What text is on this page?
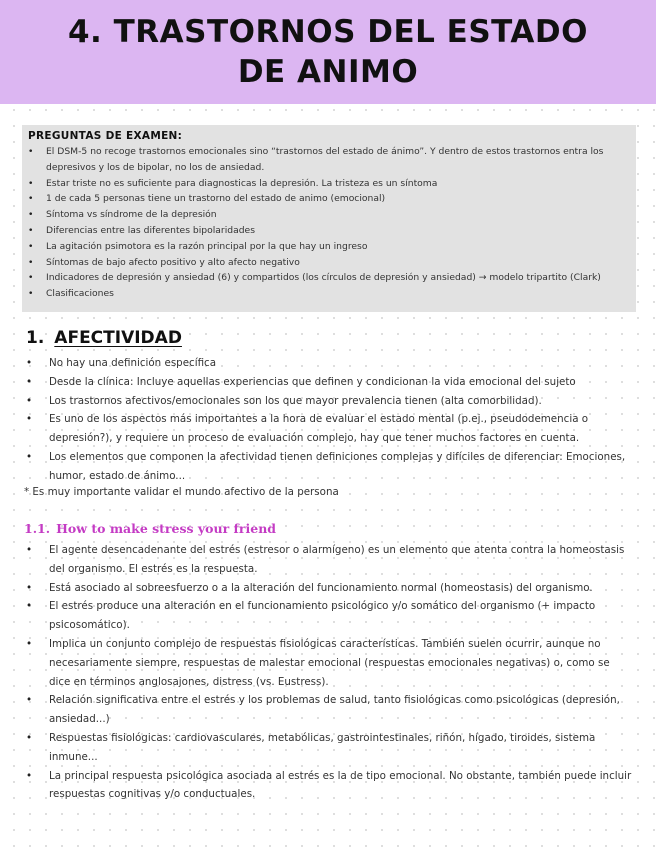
4. TRASTORNOS DEL ESTADO
DE ANIMO
PREGUNTAS DE EXAMEN:
• El DSM-5 no recoge trastornos emocionales sino “trastornos del estado de ánimo”. Y dentro de estos trastornos entra los depresivos y los de bipolar, no los de ansiedad.
• Estar triste no es suficiente para diagnosticas la depresión. La tristeza es un síntoma
• 1 de cada 5 personas tiene un trastorno del estado de animo (emocional)
• Síntoma vs síndrome de la depresión
• Diferencias entre las diferentes bipolaridades
• La agitación psimotora es la razón principal por la que hay un ingreso
• Síntomas de bajo afecto positivo y alto afecto negativo
• Indicadores de depresión y ansiedad (6) y compartidos (los círculos de depresión y ansiedad) → modelo tripartito (Clark)
• Clasificaciones
1. AFECTIVIDAD
• No hay una definición específica
• Desde la clínica: Incluye aquellas experiencias que definen y condicionan la vida emocional del sujeto
• Los trastornos afectivos/emocionales son los que mayor prevalencia tienen (alta comorbilidad).
• Es uno de los aspectos más importantes a la hora de evaluar el estado mental (p.ej., pseudodemencia o depresión?), y requiere un proceso de evaluación complejo, hay que tener muchos factores en cuenta.
• Los elementos que componen la afectividad tienen definiciones complejas y difíciles de diferenciar: Emociones, humor, estado de ánimo...
* Es muy importante validar el mundo afectivo de la persona
1.1. How to make stress your friend
• El agente desencadenante del estrés (estresor o alarmígeno) es un elemento que atenta contra la homeostasis del organismo. El estrés es la respuesta.
• Está asociado al sobreesfuerzo o a la alteración del funcionamiento normal (homeostasis) del organismo.
• El estrés produce una alteración en el funcionamiento psicológico y/o somático del organismo (+ impacto psicosomático).
• Implica un conjunto complejo de respuestas fisiológicas características. También suelen ocurrir, aunque no necesariamente siempre, respuestas de malestar emocional (respuestas emocionales negativas) o, como se dice en términos anglosajones, distress (vs. Eustress).
• Relación significativa entre el estrés y los problemas de salud, tanto fisiológicas como psicológicas (depresión, ansiedad...)
• Respuestas fisiológicas: cardiovasculares, metabólicas, gastrointestinales, riñón, hígado, tiroides, sistema inmune...
• La principal respuesta psicológica asociada al estrés es la de tipo emocional. No obstante, también puede incluir respuestas cognitivas y/o conductuales.
